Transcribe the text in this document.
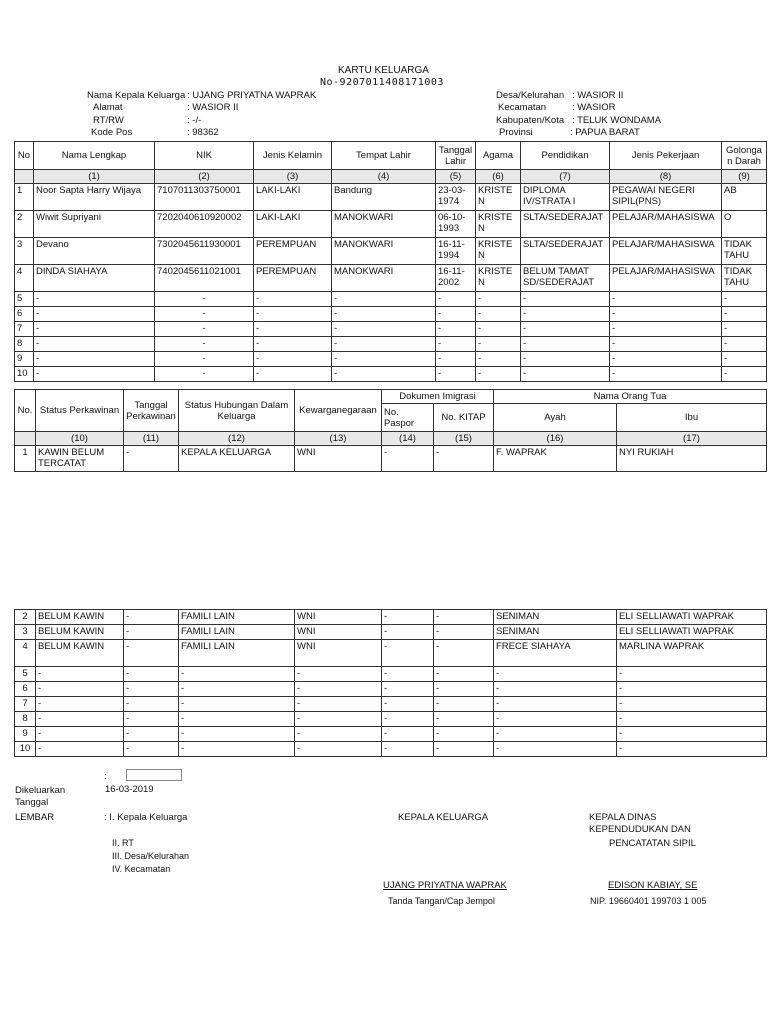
KARTU KELUARGA
No-9207011408171003
Nama Kepala Keluarga : UJANG PRIYATNA WAPRAK
Alamat	: WASIOR II
RT/RW	: -/-
Kode Pos	: 98362
Desa/Kelurahan : WASIOR II
Kecamatan	: WASIOR
Kabupaten/Kota : TELUK WONDAMA
Provinsi	: PAPUA BARAT
No	Nama Lengkap	NIK	Jenis Kelamin	Tempat Lahir	Tanggal Lahir	Agama	Pendidikan	Jenis Pekerjaan	Golongan Darah
	(1)	(2)	(3)	(4)	(5)	(6)	(7)	(8)	(9)
1	Noor Sapta Harry Wijaya	7107011303750001	LAKI-LAKI	Bandung	23-03-1974	KRISTEN	DIPLOMA IV/STRATA I	PEGAWAI NEGERI SIPIL(PNS)	AB
2	Wiwit Supriyani	7202040610920002	LAKI-LAKI	MANOKWARI	06-10-1993	KRISTEN	SLTA/SEDERAJAT	PELAJAR/MAHASISWA	O
3	Devano	7302045611930001	PEREMPUAN	MANOKWARI	16-11-1994	KRISTEN	SLTA/SEDERAJAT	PELAJAR/MAHASISWA	TIDAK TAHU
4	DINDA SIAHAYA	7402045611021001	PEREMPUAN	MANOKWARI	16-11-2002	KRISTEN	BELUM TAMAT SD/SEDERAJAT	PELAJAR/MAHASISWA	TIDAK TAHU
5	-	-	-	-	-	-	-	-	-
6	-	-	-	-	-	-	-	-	-
7	-	-	-	-	-	-	-	-	-
8	-	-	-	-	-	-	-	-	-
9	-	-	-	-	-	-	-	-	-
10	-	-	-	-	-	-	-	-	-
No.	Status Perkawinan	Tanggal Perkawinan	Status Hubungan Dalam Keluarga	Kewarganegaraan	Dokumen Imigrasi		Nama Orang Tua	
					No. Paspor	No. KITAP	Ayah	Ibu
	(10)	(11)	(12)	(13)	(14)	(15)	(16)	(17)
1	KAWIN BELUM TERCATAT	-	KEPALA KELUARGA	WNI	-	-	F. WAPRAK	NYI RUKIAH
2	BELUM KAWIN	-	FAMILI LAIN	WNI	-	-	SENIMAN	ELI SELLIAWATI WAPRAK
3	BELUM KAWIN	-	FAMILI LAIN	WNI	-	-	SENIMAN	ELI SELLIAWATI WAPRAK
4	BELUM KAWIN	-	FAMILI LAIN	WNI	-	-	FRECE SIAHAYA	MARLINA WAPRAK
5	-	-	-	-	-	-	-	-
6	-	-	-	-	-	-	-	-
7	-	-	-	-	-	-	-	-
8	-	-	-	-	-	-	-	-
9	-	-	-	-	-	-	-	-
10	-	-	-	-	-	-	-	-
:
Dikeluarkan	16-03-2019
Tanggal
LEMBAR	: I. Kepala Keluarga
II. RT
III. Desa/Kelurahan
IV. Kecamatan
KEPALA KELUARGA	KEPALA DINAS
KEPENDUDUKAN DAN
PENCATATAN SIPIL
UJANG PRIYATNA WAPRAK	EDISON KABIAY, SE
Tanda Tangan/Cap Jempol	NIP. 19660401 199703 1 005
